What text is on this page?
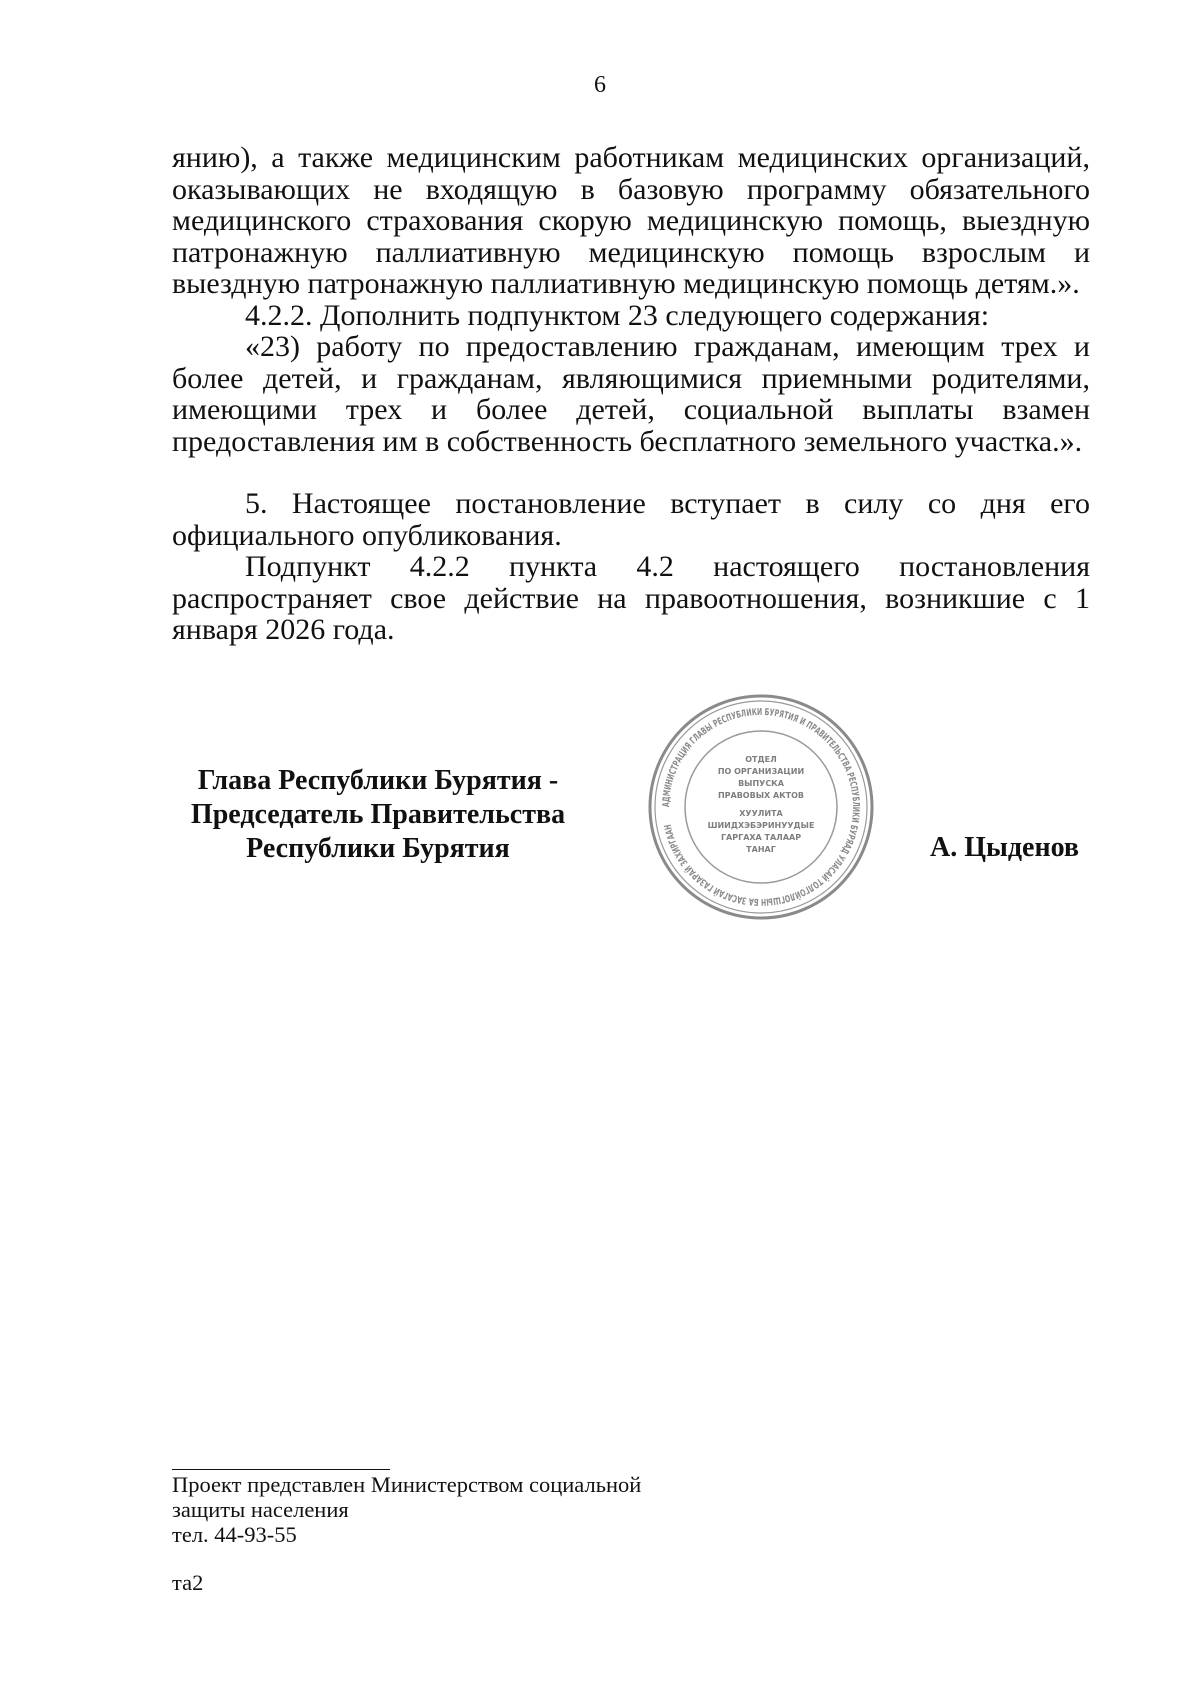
6

янию), а также медицинским работникам медицинских организаций, оказывающих не входящую в базовую программу обязательного медицинского страхования скорую медицинскую помощь, выездную патронажную паллиативную медицинскую помощь взрослым и выездную патронажную паллиативную медицинскую помощь детям.».

4.2.2. Дополнить подпунктом 23 следующего содержания:

«23) работу по предоставлению гражданам, имеющим трех и более детей, и гражданам, являющимися приемными родителями, имеющими трех и более детей, социальной выплаты взамен предоставления им в собственность бесплатного земельного участка.».

5. Настоящее постановление вступает в силу со дня его официального опубликования.

Подпункт 4.2.2 пункта 4.2 настоящего постановления распространяет свое действие на правоотношения, возникшие с 1 января 2026 года.

Глава Республики Бурятия -
Председатель Правительства
Республики Бурятия
АДМИНИСТРАЦИЯ ГЛАВЫ РЕСПУБЛИКИ БУРЯТИЯ И ПРАВИТЕЛЬСТВА РЕСПУБЛИКИ БУРЯАД УЛАСАЙ ТОЛГОЙЛОГШЫН БА ЗАСАГАЙ ГАЗАРАЙ ЗАХИРГААН
ОТДЕЛ
ПО ОРГАНИЗАЦИИ
ВЫПУСКА
ПРАВОВЫХ АКТОВ
ХУУЛИТА
ШИИДХЭБЭРИНУУДЫЕ
ГАРГАХА ТАЛААР
ТАНАГ	А. Цыденов
Проект представлен Министерством социальной
защиты населения
тел. 44-93-55
та2
